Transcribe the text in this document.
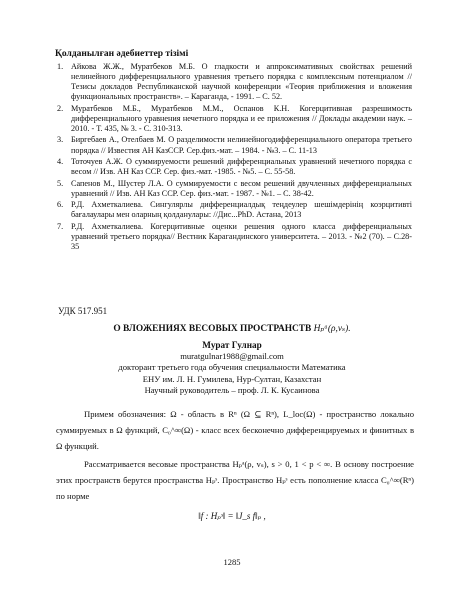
Қолданылған әдебиеттер тізімі
1. Айкова Ж.Ж., Муратбеков М.Б. О гладкости и аппроксимативных свойствах решений нелинейного дифференциального уравнения третьего порядка с комплексным потенциалом // Тезисы докладов Республиканской научной конференции «Теория приближения и вложения функциональных пространств». – Караганда, - 1991. – С. 52.
2. Муратбеков М.Б., Муратбеков М.М., Оспанов К.Н. Когерцитивная разрешимость дифференциального уравнения нечетного порядка и ее приложения // Доклады академии наук. – 2010. - Т. 435, № 3. - С. 310-313.
3. Биргебаев А., Отелбаев М. О разделимости нелинейногодифференциального оператора третьего порядка // Известия АН КазССР. Сер.физ.-мат. – 1984. - №3. – С. 11-13
4. Тоточуев А.Ж. О суммируемости решений дифференциальных уравнений нечетного порядка с весом // Изв. АН Каз ССР. Сер. физ.-мат. -1985. - №5. – С. 55-58.
5. Сапенов М., Шустер Л.А. О суммируемости с весом решений двучленных дифференциальных уравнений // Изв. АН Каз ССР. Сер. физ.-мат. - 1987. - №1. – С. 38-42.
6. Р.Д. Ахметкалиева. Сингулярлы дифференциалдық теңдеулер шешімдерінің коэрцитивті бағалаулары мен оларның қолданулары: //Дис...PhD. Астана, 2013
7. Р.Д. Ахметкалиева. Когерцитивные оценки решения одного класса дифференциальных уравнений третьего порядка// Вестник Карагандинского университета. – 2013. - №2 (70). – С.28-35
УДК 517.951
О ВЛОЖЕНИЯХ ВЕСОВЫХ ПРОСТРАНСТВ Hₚᵃ(ρ,vₛ).
Мурат Гулнар
muratgulnar1988@gmail.com
докторант третьего года обучения специальности Математика
ЕНУ им. Л. Н. Гумилева, Нур-Султан, Казахстан
Научный руководитель – проф. Л. К. Кусаинова

Примем обозначения: Ω - область в Rⁿ (Ω ⊆ Rⁿ), L_loc(Ω) - пространство локально суммируемых в Ω функций, C₀^∞(Ω) - класс всех бесконечно дифференцируемых и финитных в Ω функций.

Рассматривается весовые пространства Hₚᵃ(ρ, vₛ), s > 0, 1 < p < ∞. В основу построение этих пространств берутся пространства Hₚˢ. Пространство Hₚˢ есть пополнение класса C₀^∞(Rⁿ) по норме

‖f : Hₚˢ‖ = ‖J_s f‖ₚ ,
1285
